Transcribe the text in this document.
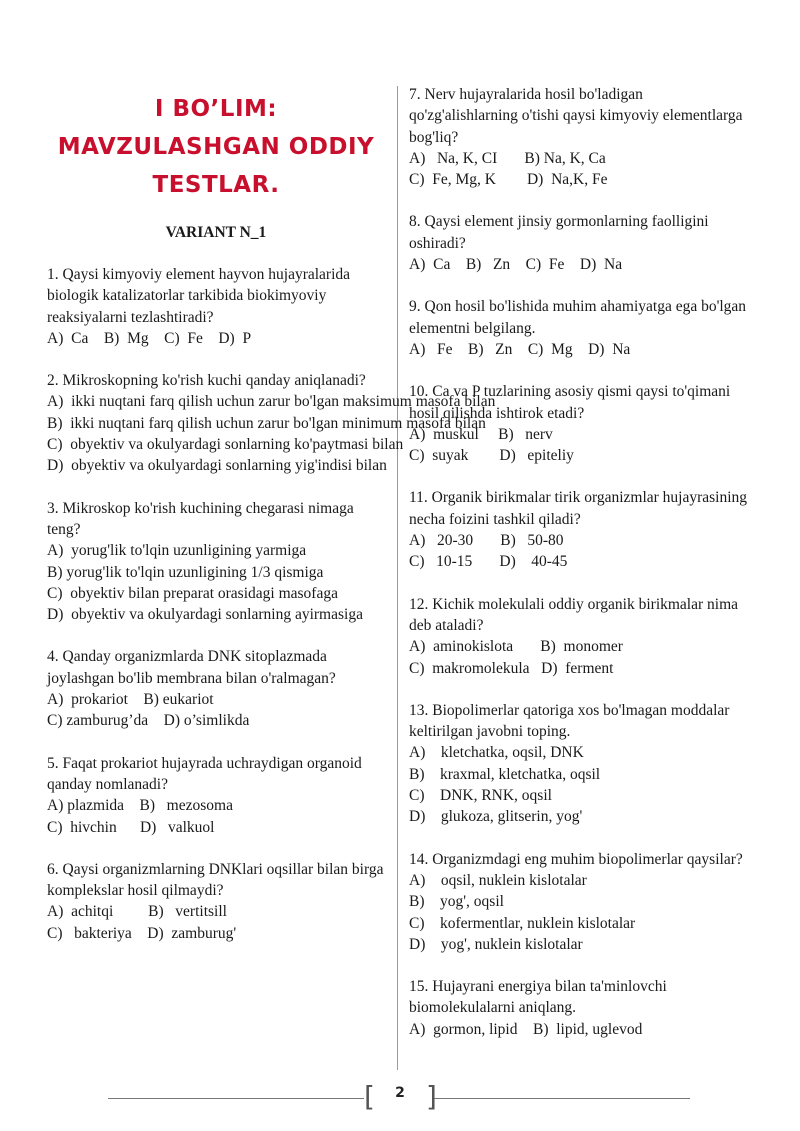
I BO’LIM:
MAVZULASHGAN ODDIY
TESTLAR.
VARIANT N_1
1. Qaysi kimyoviy element hayvon hujayralarida biologik katalizatorlar tarkibida biokimyoviy reaksiyalarni tezlashtiradi?
A)  Ca    B)  Mg    C)  Fe    D)  P
2. Mikroskopning ko'rish kuchi qanday aniqlanadi?
A)  ikki nuqtani farq qilish uchun zarur bo'lgan maksimum masofa bilan
B)  ikki nuqtani farq qilish uchun zarur bo'lgan minimum masofa bilan
C)  obyektiv va okulyardagi sonlarning ko'paytmasi bilan
D)  obyektiv va okulyardagi sonlarning yig'indisi bilan
3. Mikroskop ko'rish kuchining chegarasi nimaga teng?
A)  yorug'lik to'lqin uzunligining yarmiga
B) yorug'lik to'lqin uzunligining 1/3 qismiga
C)  obyektiv bilan preparat orasidagi masofaga
D)  obyektiv va okulyardagi sonlarning ayirmasiga
4. Qanday organizmlarda DNK sitoplazmada joylashgan bo'lib membrana bilan o'ralmagan?
A)  prokariot    B) eukariot
C) zamburug’da    D) o’simlikda
5. Faqat prokariot hujayrada uchraydigan organoid qanday nomlanadi?
A) plazmida    B)   mezosoma
C)  hivchin      D)   valkuol
6. Qaysi organizmlarning DNKlari oqsillar bilan birga komplekslar hosil qilmaydi?
A)  achitqi         B)   vertitsill
C)   bakteriya    D)  zamburug'
7. Nerv hujayralarida hosil bo'ladigan qo'zg'alishlarning o'tishi qaysi kimyoviy elementlarga bog'liq?
A)   Na, K, CI       B) Na, K, Ca
C)  Fe, Mg, K        D)  Na,K, Fe
8. Qaysi element jinsiy gormonlarning faolligini oshiradi?
A)  Ca    B)   Zn    C)  Fe    D)  Na
9. Qon hosil bo'lishida muhim ahamiyatga ega bo'lgan elementni belgilang.
A)   Fe    B)   Zn    C)  Mg    D)  Na
10. Ca va P tuzlarining asosiy qismi qaysi to'qimani hosil qilishda ishtirok etadi?
A)  muskul     B)   nerv
C)  suyak        D)   epiteliy
11. Organik birikmalar tirik organizmlar hujayrasining necha foizini tashkil qiladi?
A)   20-30       B)   50-80
C)   10-15       D)    40-45
12. Kichik molekulali oddiy organik birikmalar nima deb ataladi?
A)  aminokislota       B)  monomer
C)  makromolekula   D)  ferment
13. Biopolimerlar qatoriga xos bo'lmagan moddalar keltirilgan javobni toping.
A)    kletchatka, oqsil, DNK
B)    kraxmal, kletchatka, oqsil
C)    DNK, RNK, oqsil
D)    glukoza, glitserin, yog'
14. Organizmdagi eng muhim biopolimerlar qaysilar?
A)    oqsil, nuklein kislotalar
B)    yog', oqsil
C)    kofermentlar, nuklein kislotalar
D)    yog', nuklein kislotalar
15. Hujayrani energiya bilan ta'minlovchi biomolekulalarni aniqlang.
A)  gormon, lipid    B)  lipid, uglevod
[ ]
2
